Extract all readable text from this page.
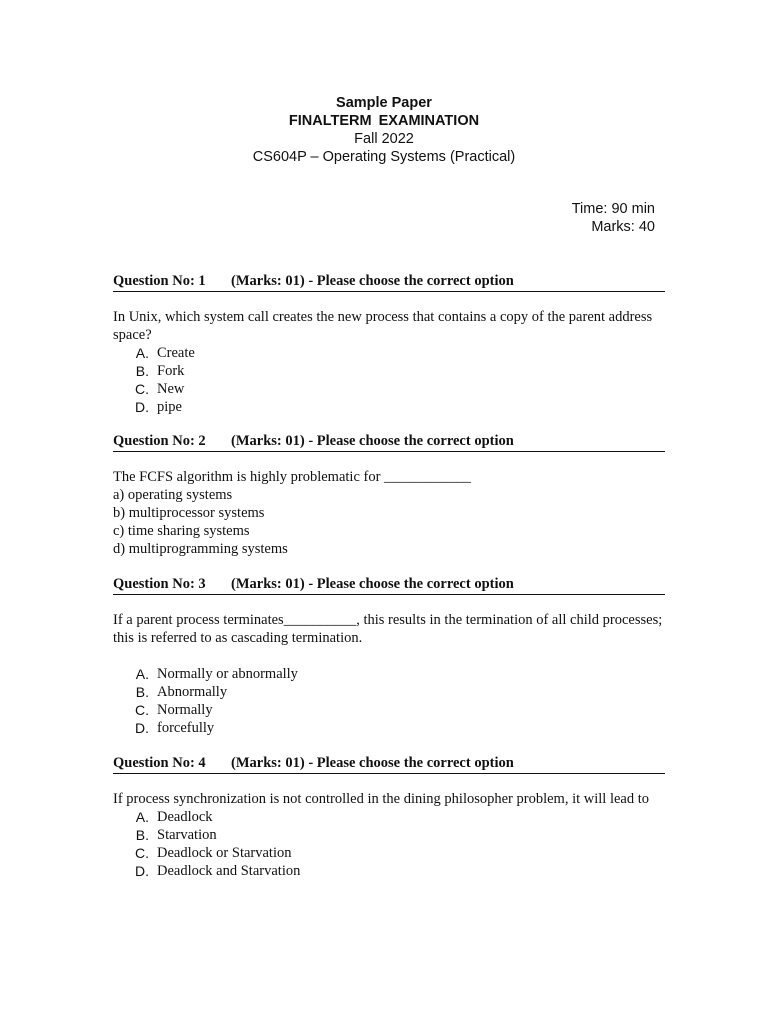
Sample Paper
FINALTERM EXAMINATION
Fall 2022
CS604P – Operating Systems (Practical)
Time: 90 min
Marks: 40
Question No: 1	(Marks: 01) - Please choose the correct option
In Unix, which system call creates the new process that contains a copy of the parent address space?
A. Create
B. Fork
C. New
D. pipe
Question No: 2	(Marks: 01) - Please choose the correct option
The FCFS algorithm is highly problematic for ____________
a) operating systems
b) multiprocessor systems
c) time sharing systems
d) multiprogramming systems
Question No: 3	(Marks: 01) - Please choose the correct option
If a parent process terminates__________, this results in the termination of all child processes; this is referred to as cascading termination.
A. Normally or abnormally
B. Abnormally
C. Normally
D. forcefully
Question No: 4	(Marks: 01) - Please choose the correct option
If process synchronization is not controlled in the dining philosopher problem, it will lead to
A. Deadlock
B. Starvation
C. Deadlock or Starvation
D. Deadlock and Starvation
